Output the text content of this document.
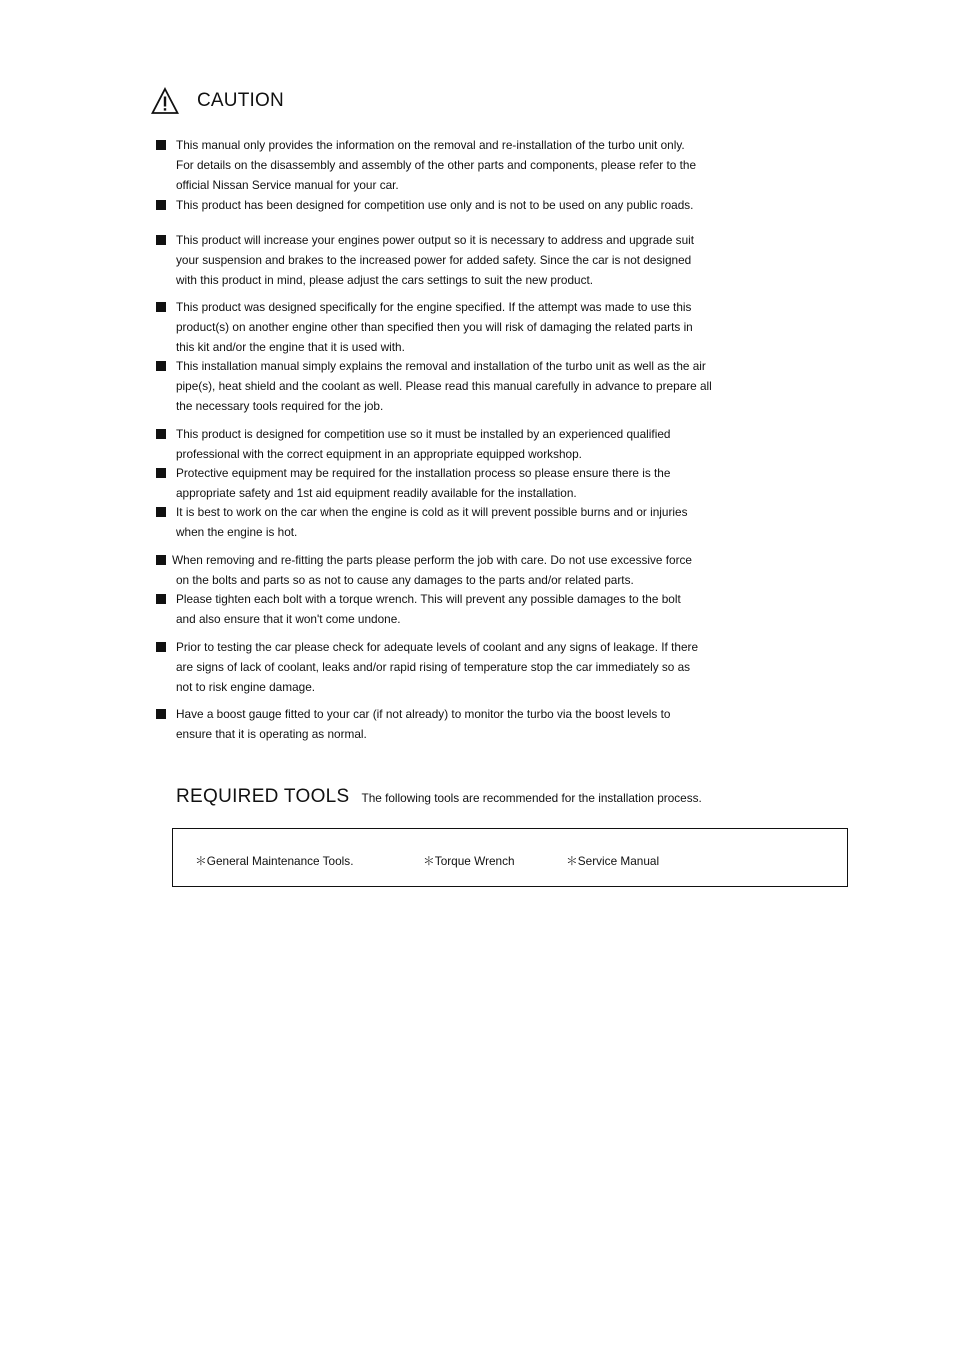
CAUTION
This manual only provides the information on the removal and re-installation of the turbo unit only.
For details on the disassembly and assembly of the other parts and components, please refer to the
official Nissan Service manual for your car.
This product has been designed for competition use only and is not to be used on any public roads.
This product will increase your engines power output so it is necessary to address and upgrade suit
your suspension and brakes to the increased power for added safety. Since the car is not designed
with this product in mind, please adjust the cars settings to suit the new product.
This product was designed specifically for the engine specified. If the attempt was made to use this
product(s) on another engine other than specified then you will risk of damaging the related parts in
this kit and/or the engine that it is used with.
This installation manual simply explains the removal and installation of the turbo unit as well as the air
pipe(s), heat shield and the coolant as well. Please read this manual carefully in advance to prepare all
the necessary tools required for the job.
This product is designed for competition use so it must be installed by an experienced qualified
professional with the correct equipment in an appropriate equipped workshop.
Protective equipment may be required for the installation process so please ensure there is the
appropriate safety and 1st aid equipment readily available for the installation.
It is best to work on the car when the engine is cold as it will prevent possible burns and or injuries
when the engine is hot.
When removing and re-fitting the parts please perform the job with care. Do not use excessive force
on the bolts and parts so as not to cause any damages to the parts and/or related parts.
Please tighten each bolt with a torque wrench. This will prevent any possible damages to the bolt
and also ensure that it won't come undone.
Prior to testing the car please check for adequate levels of coolant and any signs of leakage. If there
are signs of lack of coolant, leaks and/or rapid rising of temperature stop the car immediately so as
not to risk engine damage.
Have a boost gauge fitted to your car (if not already) to monitor the turbo via the boost levels to
ensure that it is operating as normal.
REQUIRED TOOLS The following tools are recommended for the installation process.
＊General Maintenance Tools.	＊Torque Wrench	＊Service Manual
